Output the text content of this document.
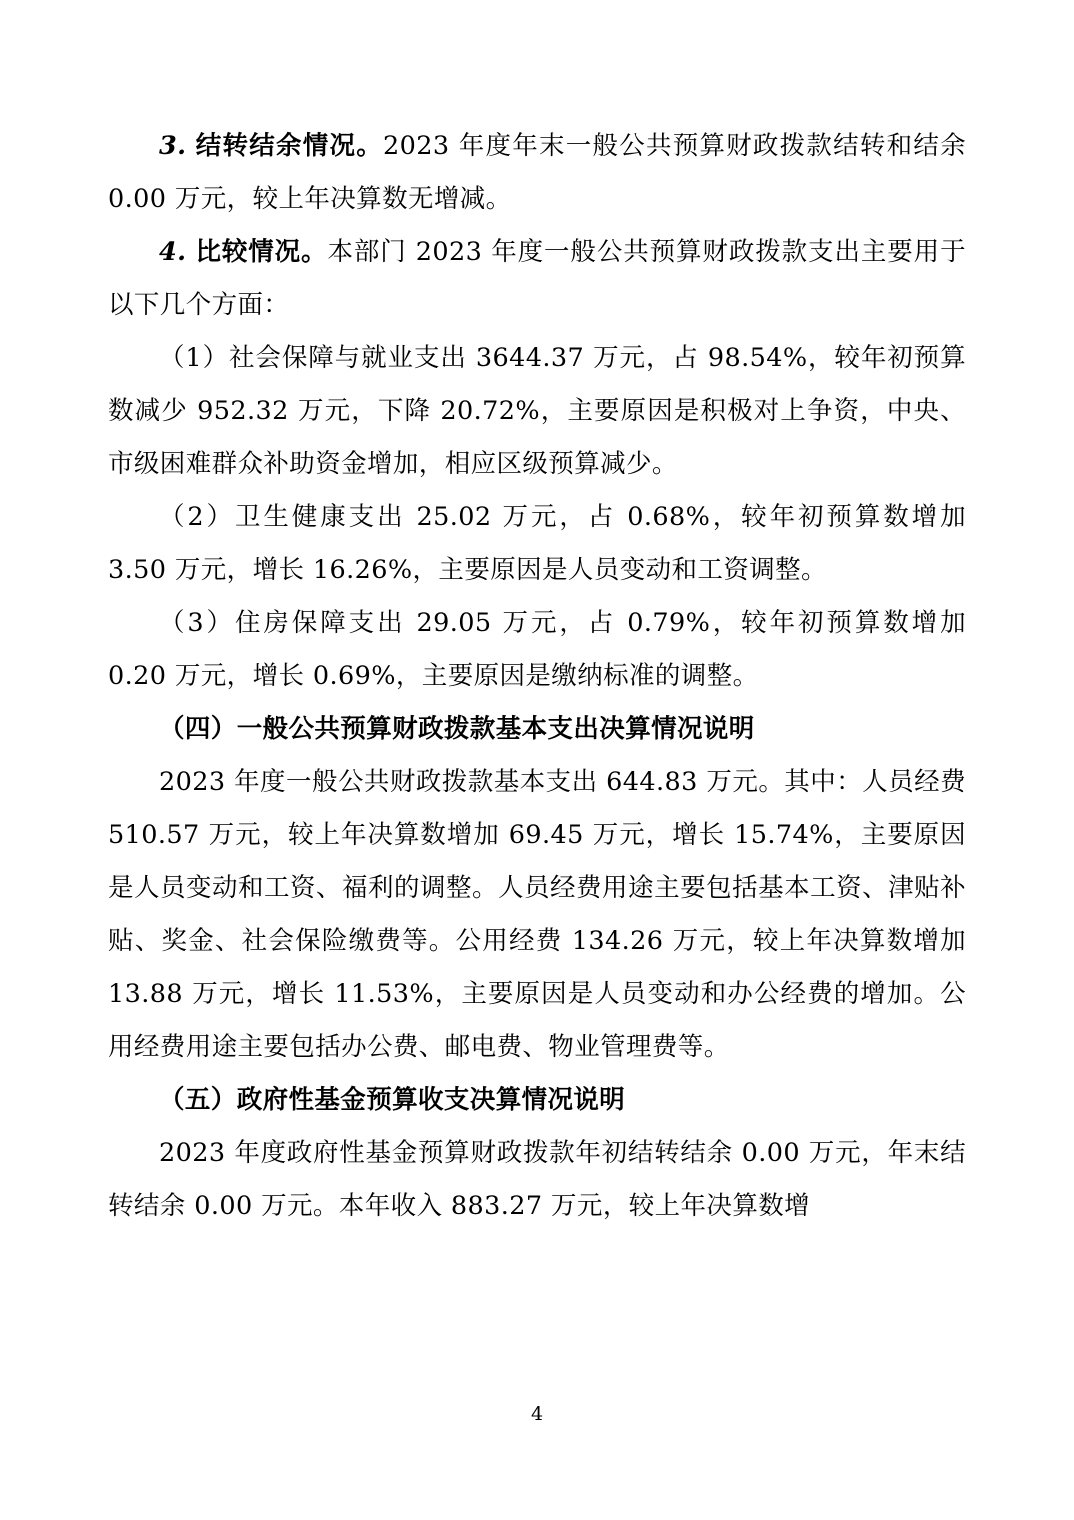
3. 结转结余情况。2023 年度年末一般公共预算财政拨款结转和结余 0.00 万元，较上年决算数无增减。

4. 比较情况。本部门 2023 年度一般公共预算财政拨款支出主要用于以下几个方面：

（1）社会保障与就业支出 3644.37 万元，占 98.54%，较年初预算数减少 952.32 万元，下降 20.72%，主要原因是积极对上争资，中央、市级困难群众补助资金增加，相应区级预算减少。

（2）卫生健康支出 25.02 万元，占 0.68%，较年初预算数增加 3.50 万元，增长 16.26%，主要原因是人员变动和工资调整。

（3）住房保障支出 29.05 万元，占 0.79%，较年初预算数增加 0.20 万元，增长 0.69%，主要原因是缴纳标准的调整。

（四）一般公共预算财政拨款基本支出决算情况说明

2023 年度一般公共财政拨款基本支出 644.83 万元。其中：人员经费 510.57 万元，较上年决算数增加 69.45 万元，增长 15.74%，主要原因是人员变动和工资、福利的调整。人员经费用途主要包括基本工资、津贴补贴、奖金、社会保险缴费等。公用经费 134.26 万元，较上年决算数增加 13.88 万元，增长 11.53%，主要原因是人员变动和办公经费的增加。公用经费用途主要包括办公费、邮电费、物业管理费等。

（五）政府性基金预算收支决算情况说明

2023 年度政府性基金预算财政拨款年初结转结余 0.00 万元，年末结转结余 0.00 万元。本年收入 883.27 万元，较上年决算数增

4
